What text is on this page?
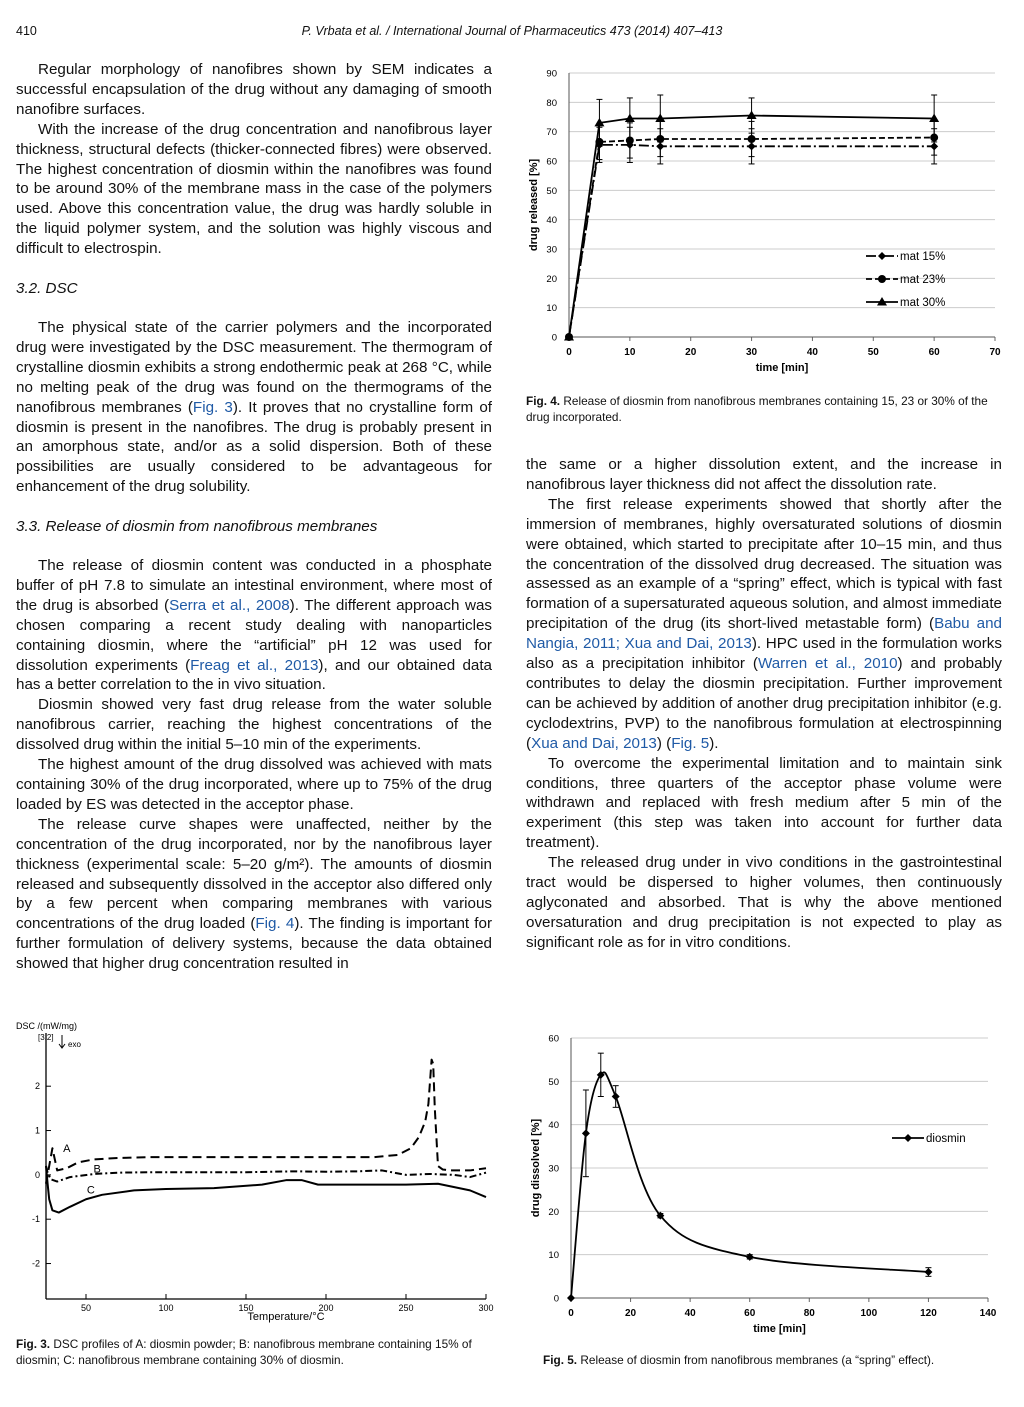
410	P. Vrbata et al. / International Journal of Pharmaceutics 473 (2014) 407–413

Regular morphology of nanofibres shown by SEM indicates a successful encapsulation of the drug without any damaging of smooth nanofibre surfaces.

With the increase of the drug concentration and nanofibrous layer thickness, structural defects (thicker-connected fibres) were observed. The highest concentration of diosmin within the nanofibres was found to be around 30% of the membrane mass in the case of the polymers used. Above this concentration value, the drug was hardly soluble in the liquid polymer system, and the solution was highly viscous and difficult to electrospin.

3.2. DSC

The physical state of the carrier polymers and the incorporated drug were investigated by the DSC measurement. The thermogram of crystalline diosmin exhibits a strong endothermic peak at 268 °C, while no melting peak of the drug was found on the thermograms of the nanofibrous membranes (Fig. 3). It proves that no crystalline form of diosmin is present in the nanofibres. The drug is probably present in an amorphous state, and/or as a solid dispersion. Both of these possibilities are usually considered to be advantageous for enhancement of the drug solubility.

3.3. Release of diosmin from nanofibrous membranes

The release of diosmin content was conducted in a phosphate buffer of pH 7.8 to simulate an intestinal environment, where most of the drug is absorbed (Serra et al., 2008). The different approach was chosen comparing a recent study dealing with nanoparticles containing diosmin, where the “artificial” pH 12 was used for dissolution experiments (Freag et al., 2013), and our obtained data has a better correlation to the in vivo situation.

Diosmin showed very fast drug release from the water soluble nanofibrous carrier, reaching the highest concentrations of the dissolved drug within the initial 5–10 min of the experiments.

The highest amount of the drug dissolved was achieved with mats containing 30% of the drug incorporated, where up to 75% of the drug loaded by ES was detected in the acceptor phase.

The release curve shapes were unaffected, neither by the concentration of the drug incorporated, nor by the nanofibrous layer thickness (experimental scale: 5–20 g/m²). The amounts of diosmin released and subsequently dissolved in the acceptor also differed only by a few percent when comparing membranes with various concentrations of the drug loaded (Fig. 4). The finding is important for further formulation of delivery systems, because the data obtained showed that higher drug concentration resulted in

the same or a higher dissolution extent, and the increase in nanofibrous layer thickness did not affect the dissolution rate.

The first release experiments showed that shortly after the immersion of membranes, highly oversaturated solutions of diosmin were obtained, which started to precipitate after 10–15 min, and thus the concentration of the dissolved drug decreased. The situation was assessed as an example of a “spring” effect, which is typical with fast formation of a supersaturated aqueous solution, and almost immediate precipitation of the drug (its short-lived metastable form) (Babu and Nangia, 2011; Xua and Dai, 2013). HPC used in the formulation works also as a precipitation inhibitor (Warren et al., 2010) and probably contributes to delay the diosmin precipitation. Further improvement can be achieved by addition of another drug precipitation inhibitor (e.g. cyclodextrins, PVP) to the nanofibrous formulation at electrospinning (Xua and Dai, 2013) (Fig. 5).

To overcome the experimental limitation and to maintain sink conditions, three quarters of the acceptor phase volume were withdrawn and replaced with fresh medium after 5 min of the experiment (this step was taken into account for further data treatment).

The released drug under in vivo conditions in the gastrointestinal tract would be dispersed to higher volumes, then continuously aglyconated and absorbed. That is why the above mentioned oversaturation and drug precipitation is not expected to play as significant role as for in vitro conditions.

0
10
20
30
40
50
60
70
80
90
0	10	20	30	40	50	60	70
time [min]
drug released [%]
mat 15%
mat 23%
mat 30%
Fig. 4. Release of diosmin from nanofibrous membranes containing 15, 23 or 30% of the drug incorporated.
2
1
0
-1
-2
50	100	150	200	250	300
A
B
C
DSC /(mW/mg)
[3.2]
exo
Temperature/°C
Fig. 3. DSC profiles of A: diosmin powder; B: nanofibrous membrane containing 15% of diosmin; C: nanofibrous membrane containing 30% of diosmin.
0
10
20
30
40
50
60
0	20	40	60	80	100	120	140
time [min]
drug dissolved [%]	diosmin
Fig. 5. Release of diosmin from nanofibrous membranes (a “spring” effect).
